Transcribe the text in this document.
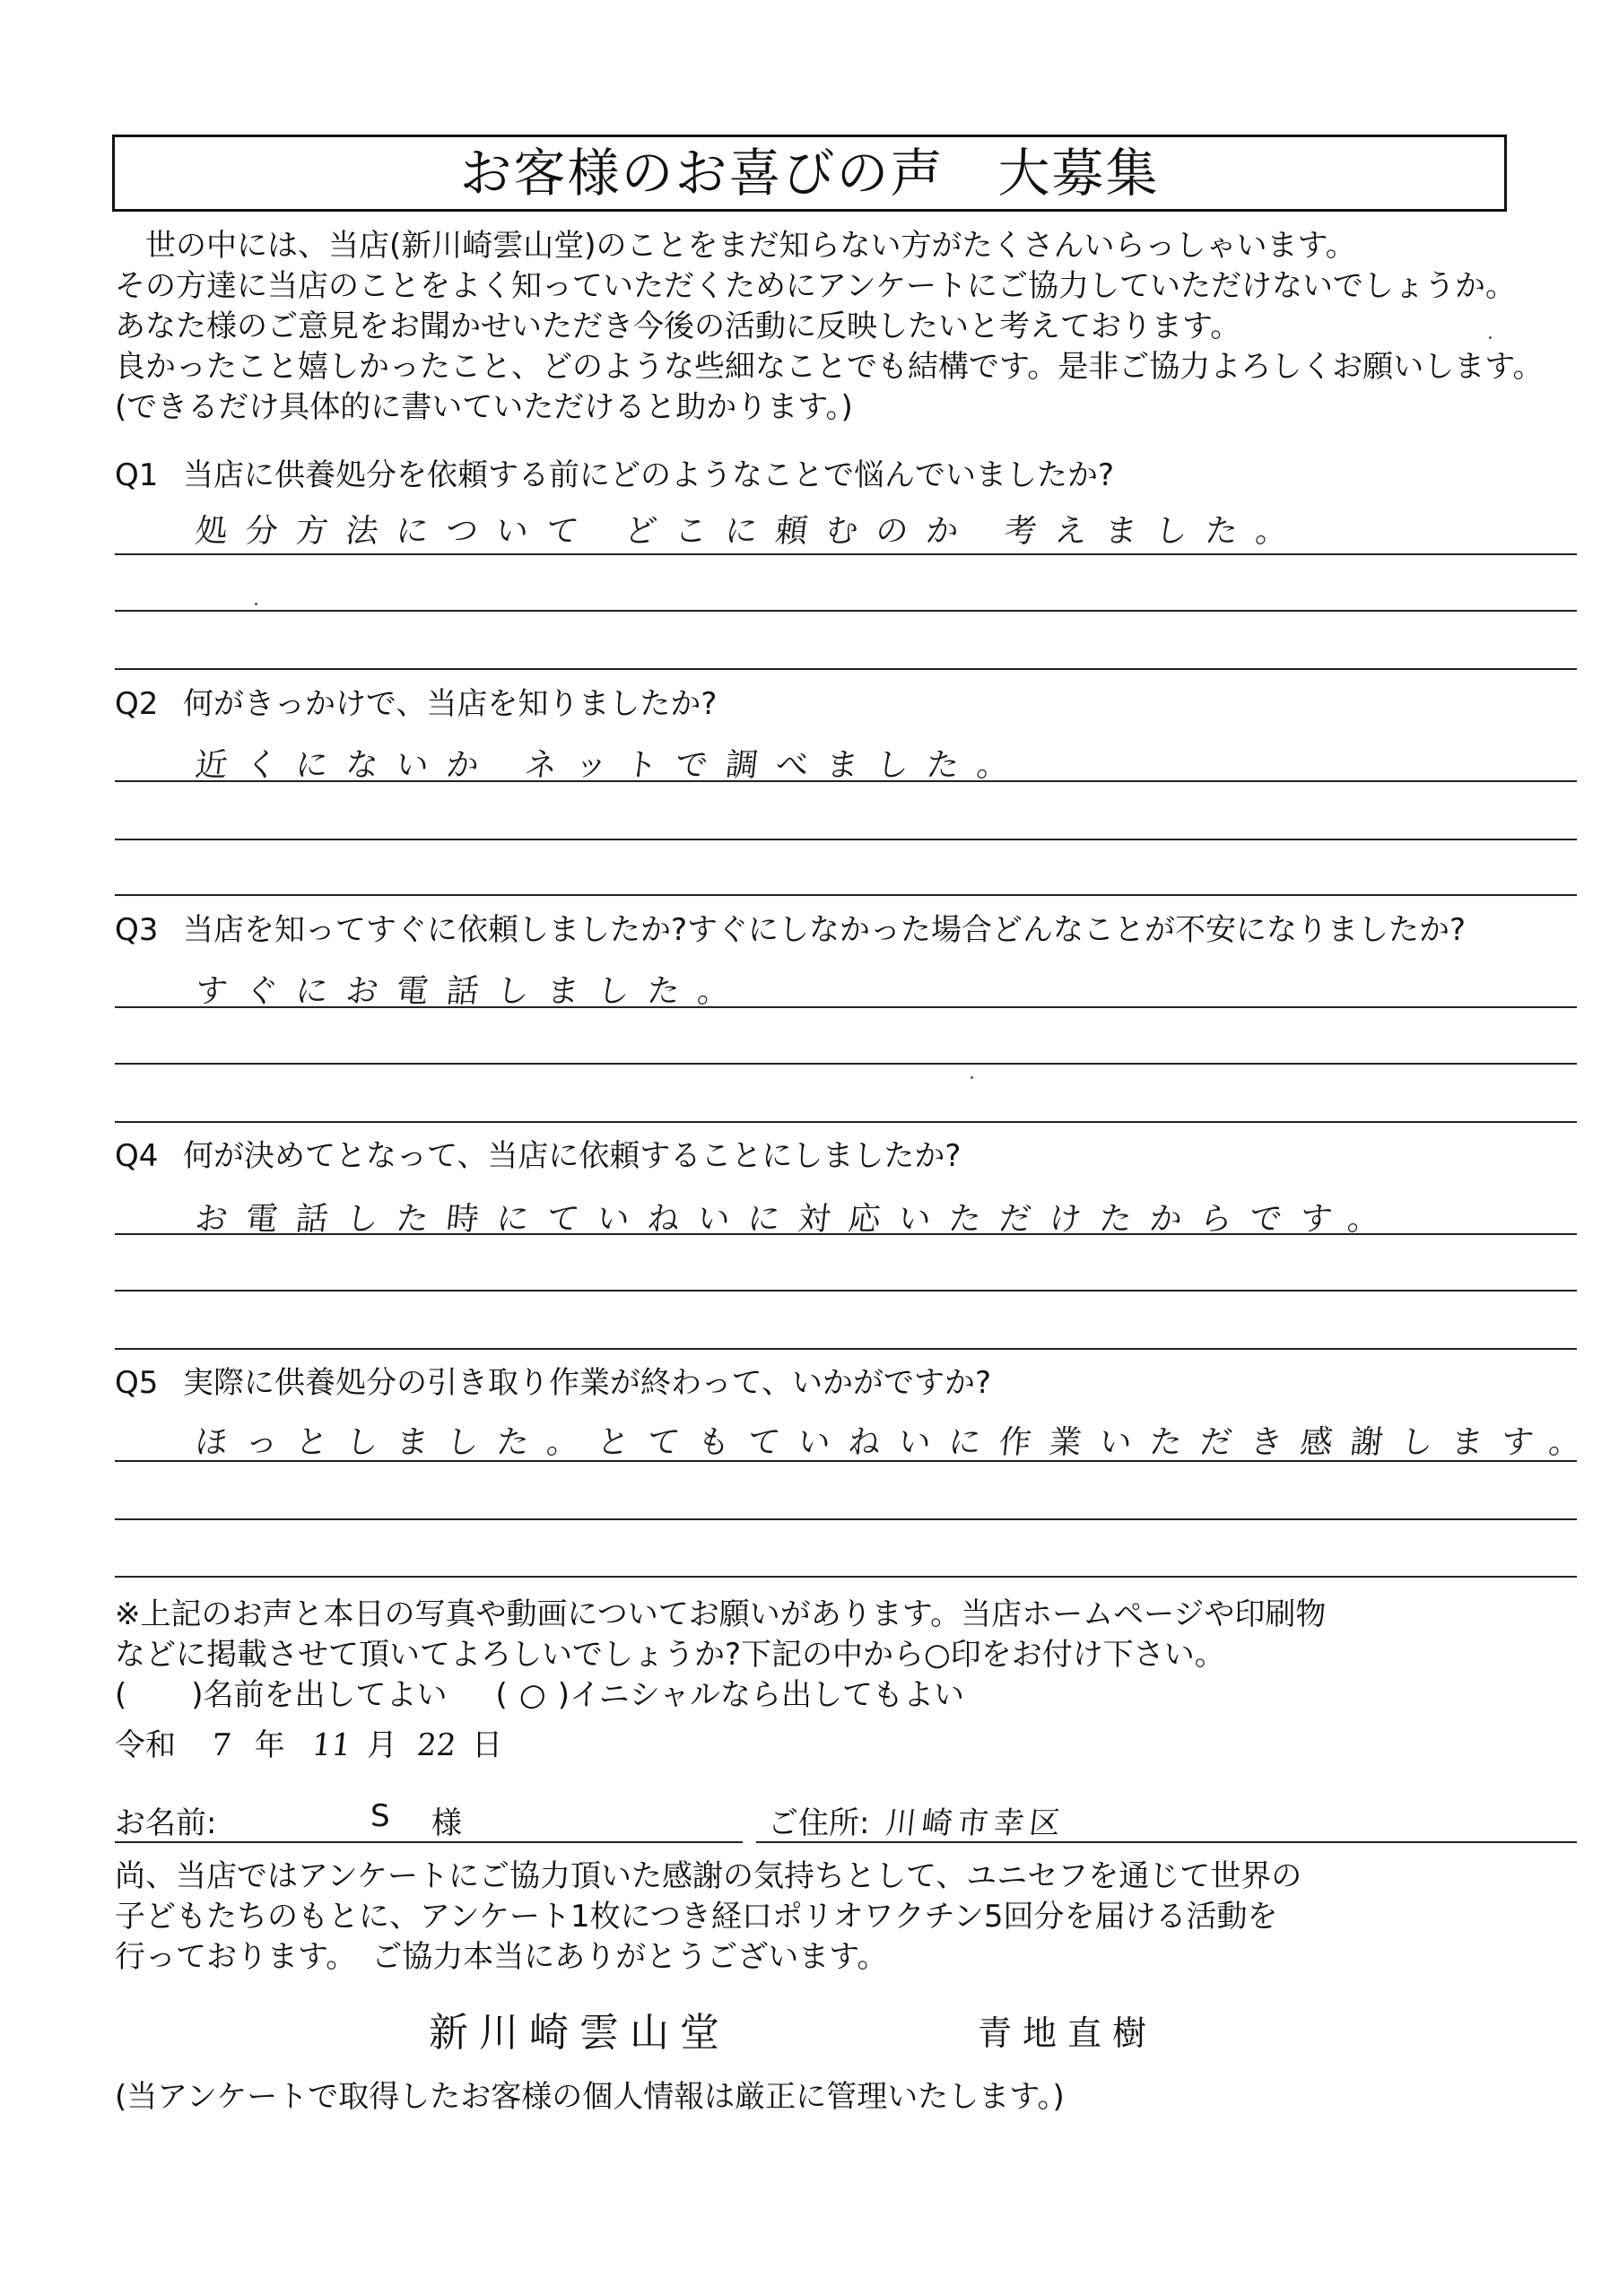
お客様のお喜びの声　大募集
世の中には、当店(新川崎雲山堂)のことをまだ知らない方がたくさんいらっしゃいます。
その方達に当店のことをよく知っていただくためにアンケートにご協力していただけないでしょうか。
あなた様のご意見をお聞かせいただき今後の活動に反映したいと考えております。
良かったこと嬉しかったこと、どのような些細なことでも結構です。是非ご協力よろしくお願いします。
(できるだけ具体的に書いていただけると助かります。)
Q1 当店に供養処分を依頼する前にどのようなことで悩んでいましたか?
処分方法について どこに頼むのか 考えました。
Q2 何がきっかけで、当店を知りましたか?
近くにないか ネットで調べました。
Q3 当店を知ってすぐに依頼しましたか?すぐにしなかった場合どんなことが不安になりましたか?
すぐにお電話しました。
Q4 何が決めてとなって、当店に依頼することにしましたか?
お電話した時にていねいに対応いただけたからです。
Q5 実際に供養処分の引き取り作業が終わって、いかがですか?
ほっとしました。とてもていねいに作業いただき感謝します。
※上記のお声と本日の写真や動画についてお願いがあります。当店ホームページや印刷物
などに掲載させて頂いてよろしいでしょうか?下記の中から○印をお付け下さい。
( )名前を出してよい ( ○ )イニシャルなら出してもよい
令和 7 年 11 月 22 日
お名前:	S 様	ご住所: 川崎市幸区
尚、当店ではアンケートにご協力頂いた感謝の気持ちとして、ユニセフを通じて世界の
子どもたちのもとに、アンケート1枚につき経口ポリオワクチン5回分を届ける活動を
行っております。　ご協力本当にありがとうございます。
新川崎雲山堂	青地直樹
(当アンケートで取得したお客様の個人情報は厳正に管理いたします。)
